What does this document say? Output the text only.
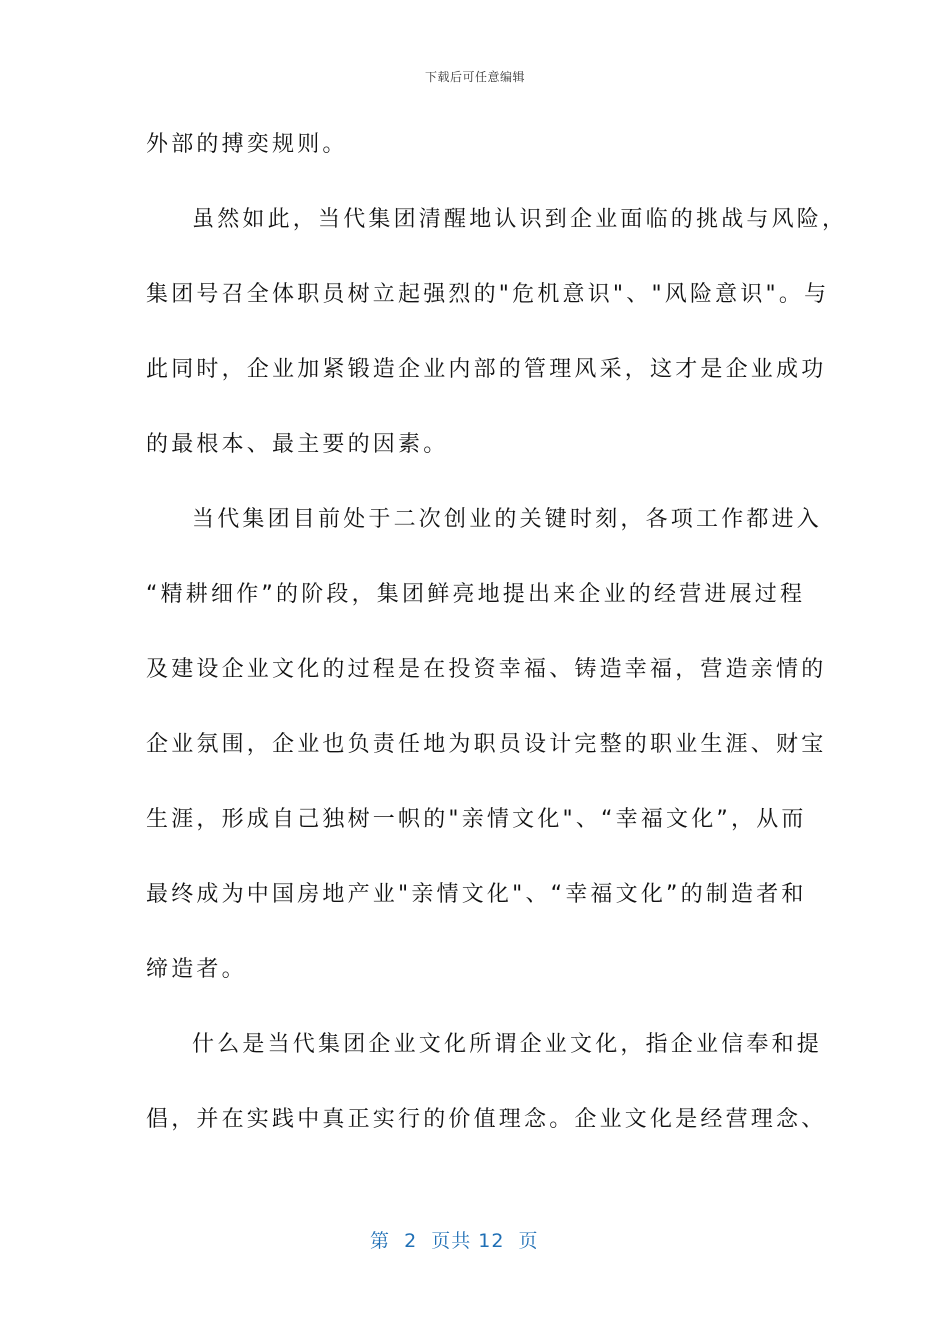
下载后可任意编辑
外部的搏奕规则。
虽然如此，当代集团清醒地认识到企业面临的挑战与风险，
集团号召全体职员树立起强烈的"危机意识"、"风险意识"。与
此同时，企业加紧锻造企业内部的管理风采，这才是企业成功
的最根本、最主要的因素。
当代集团目前处于二次创业的关键时刻，各项工作都进入
“精耕细作”的阶段，集团鲜亮地提出来企业的经营进展过程
及建设企业文化的过程是在投资幸福、铸造幸福，营造亲情的
企业氛围，企业也负责任地为职员设计完整的职业生涯、财宝
生涯，形成自己独树一帜的"亲情文化"、“幸福文化”，从而
最终成为中国房地产业"亲情文化"、“幸福文化”的制造者和
缔造者。
什么是当代集团企业文化所谓企业文化，指企业信奉和提
倡，并在实践中真正实行的价值理念。企业文化是经营理念、
第  2  页共 12  页
